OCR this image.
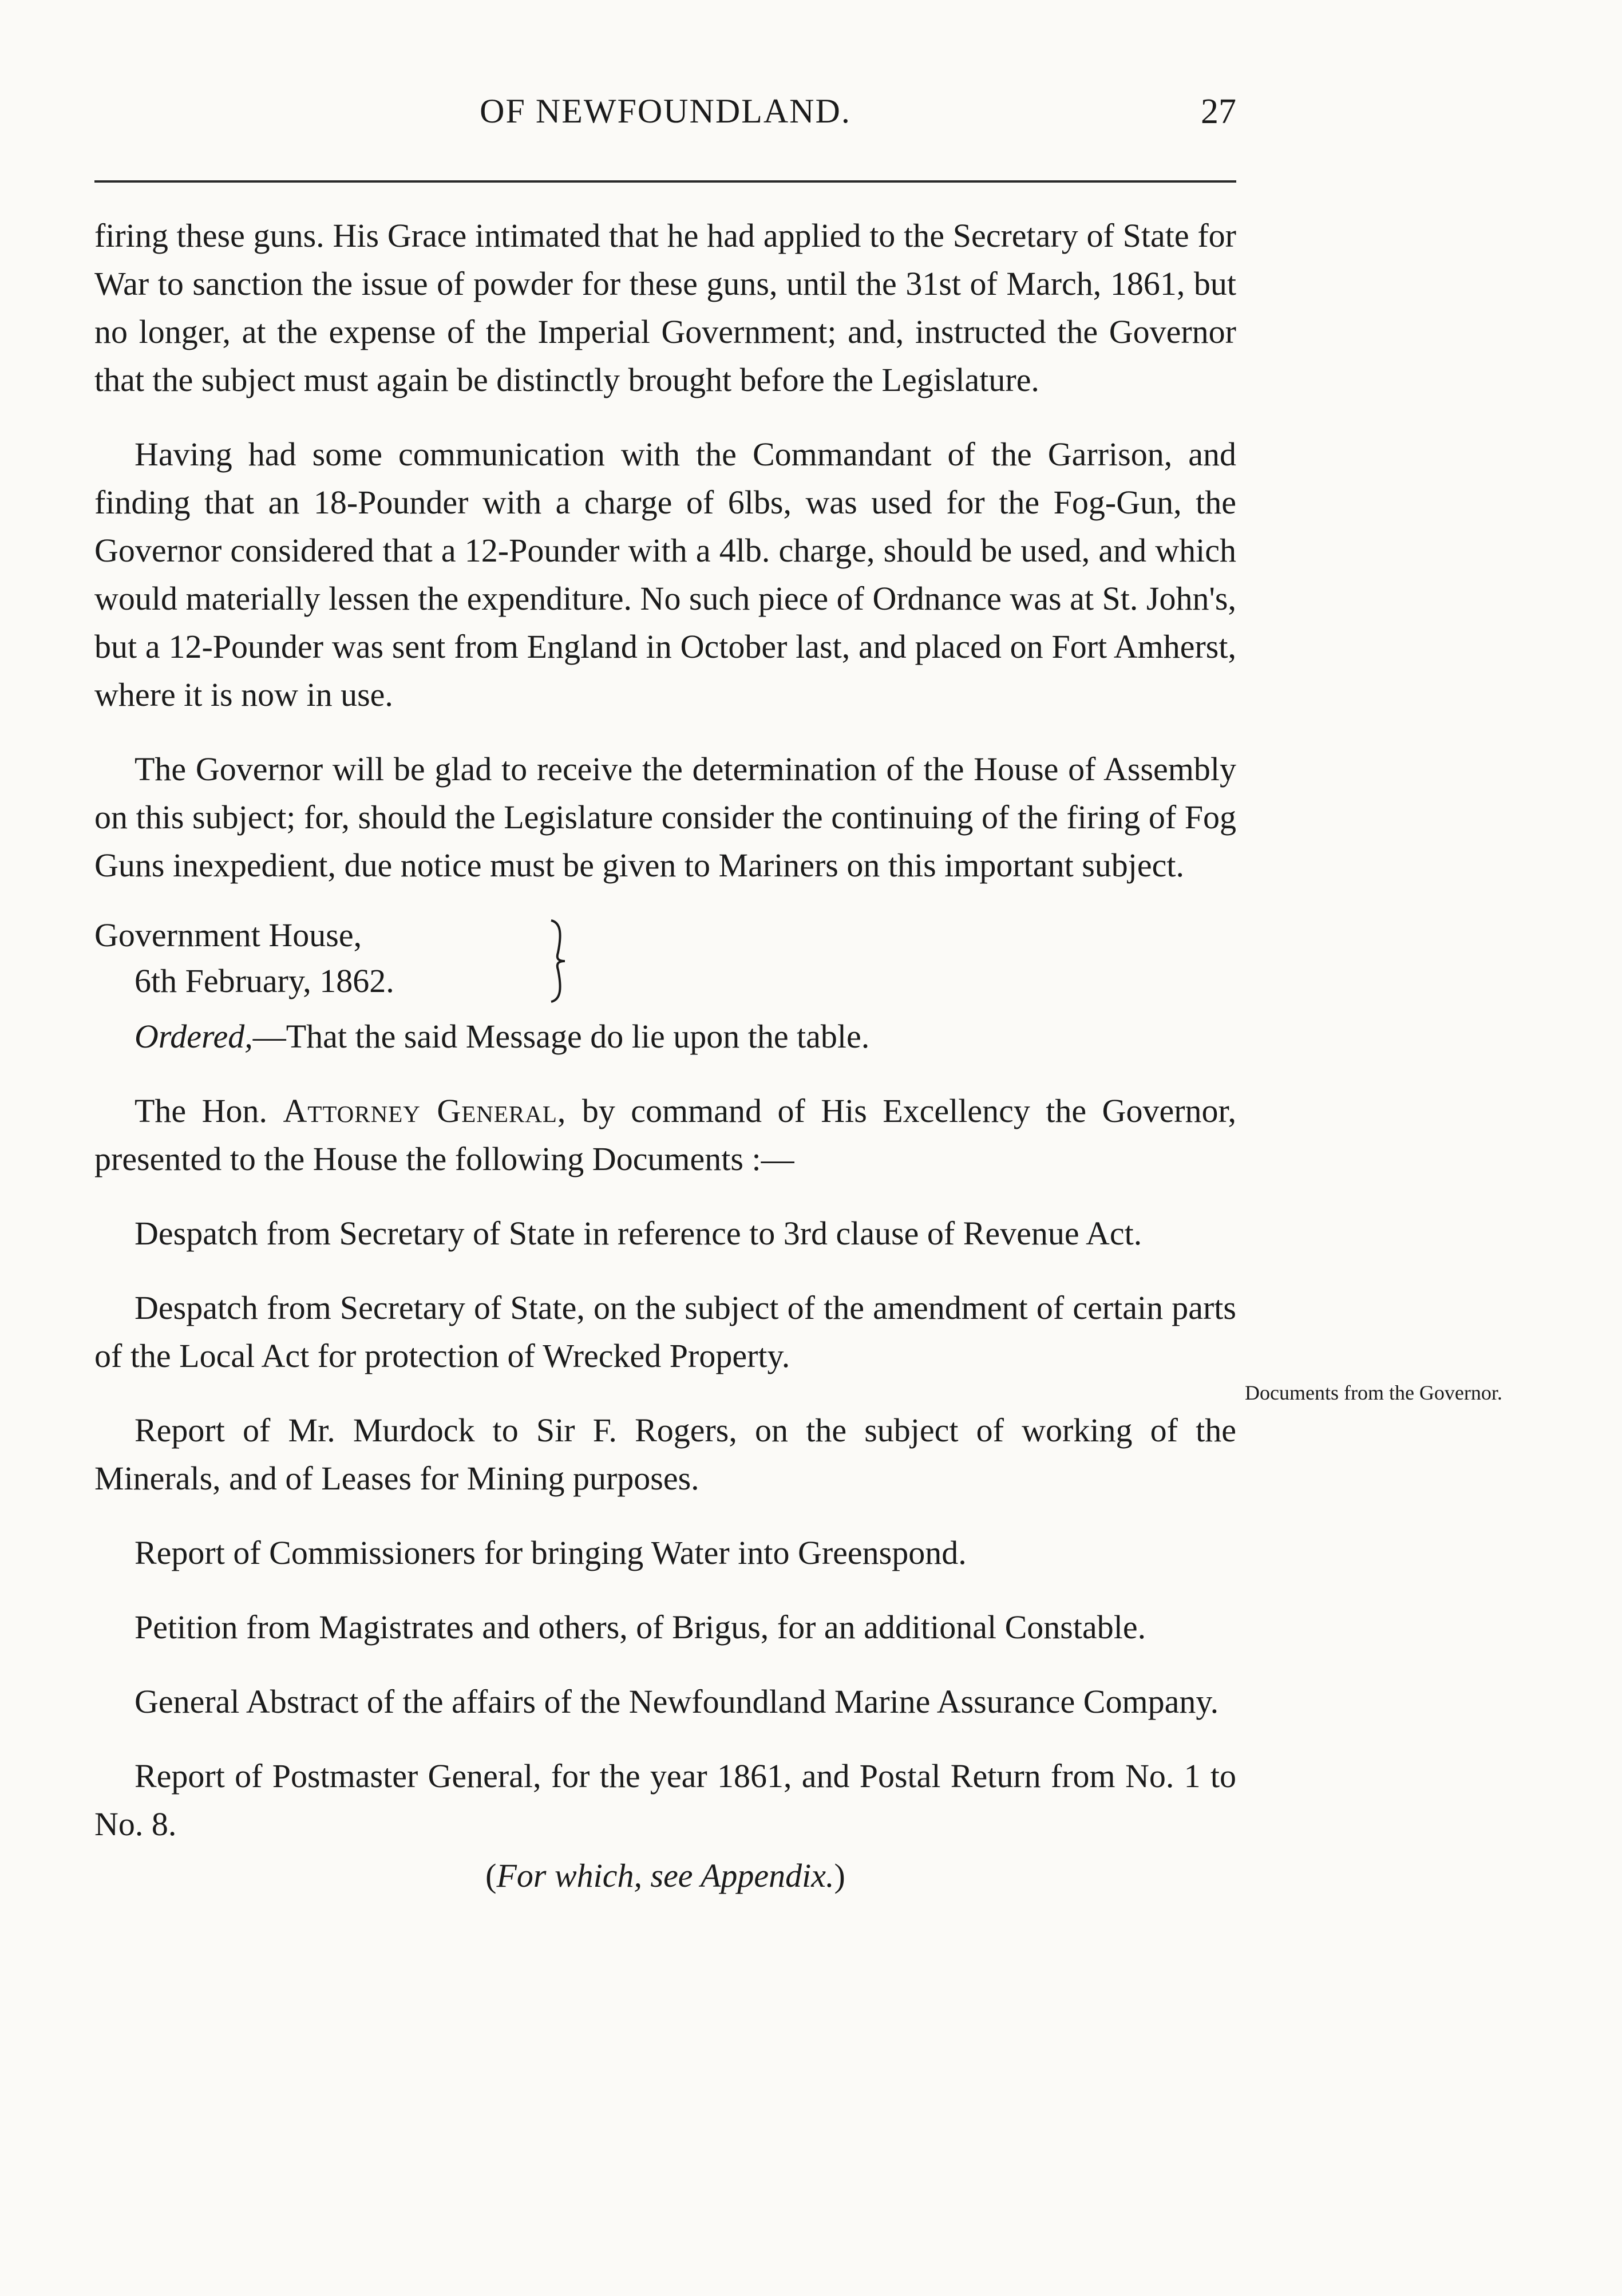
OF NEWFOUNDLAND.	27

firing these guns. His Grace intimated that he had applied to the Secretary of State for War to sanction the issue of powder for these guns, until the 31st of March, 1861, but no longer, at the expense of the Imperial Government; and, instructed the Governor that the subject must again be distinctly brought before the Legislature.

Having had some communication with the Commandant of the Garrison, and finding that an 18-Pounder with a charge of 6lbs, was used for the Fog-Gun, the Governor considered that a 12-Pounder with a 4lb. charge, should be used, and which would materially lessen the expenditure. No such piece of Ordnance was at St. John's, but a 12-Pounder was sent from England in October last, and placed on Fort Amherst, where it is now in use.

The Governor will be glad to receive the determination of the House of Assembly on this subject; for, should the Legislature consider the continuing of the firing of Fog Guns inexpedient, due notice must be given to Mariners on this important subject.

Government House,
6th February, 1862.

Ordered,—That the said Message do lie upon the table.

The Hon. Attorney General, by command of His Excellency the Governor, presented to the House the following Documents :—

Despatch from Secretary of State in reference to 3rd clause of Revenue Act.

Despatch from Secretary of State, on the subject of the amendment of certain parts of the Local Act for protection of Wrecked Property.

Report of Mr. Murdock to Sir F. Rogers, on the subject of working of the Minerals, and of Leases for Mining purposes.

Report of Commissioners for bringing Water into Greenspond.

Petition from Magistrates and others, of Brigus, for an additional Constable.

General Abstract of the affairs of the Newfoundland Marine Assurance Company.

Report of Postmaster General, for the year 1861, and Postal Return from No. 1 to No. 8.

(For which, see Appendix.)

Documents from the Governor.
